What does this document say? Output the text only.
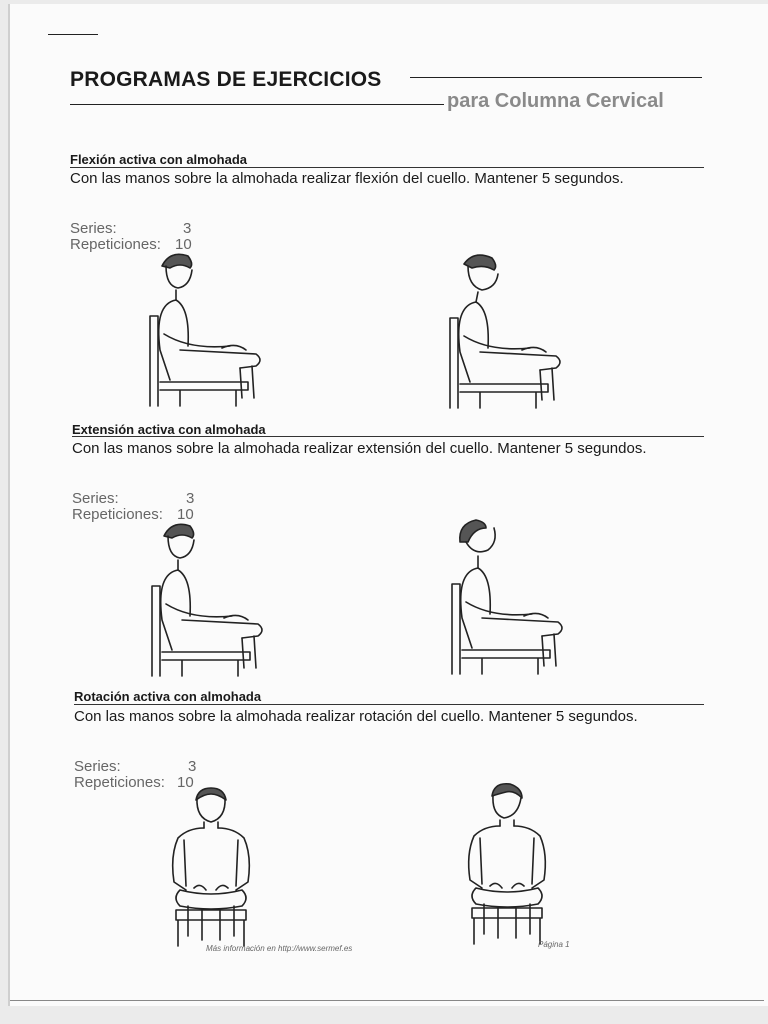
PROGRAMAS DE EJERCICIOS
para Columna Cervical
Flexión activa con almohada
Con las manos sobre la almohada realizar flexión del cuello. Mantener 5 segundos.
Series:	3
Repeticiones: 10
Extensión activa con almohada
Con las manos sobre la almohada realizar extensión del cuello. Mantener 5 segundos.
Series:	3
Repeticiones: 10
Rotación activa con almohada
Con las manos sobre la almohada realizar rotación del cuello. Mantener 5 segundos.
Series:	3
Repeticiones: 10
Más información en http://www.sermef.es	Página 1
